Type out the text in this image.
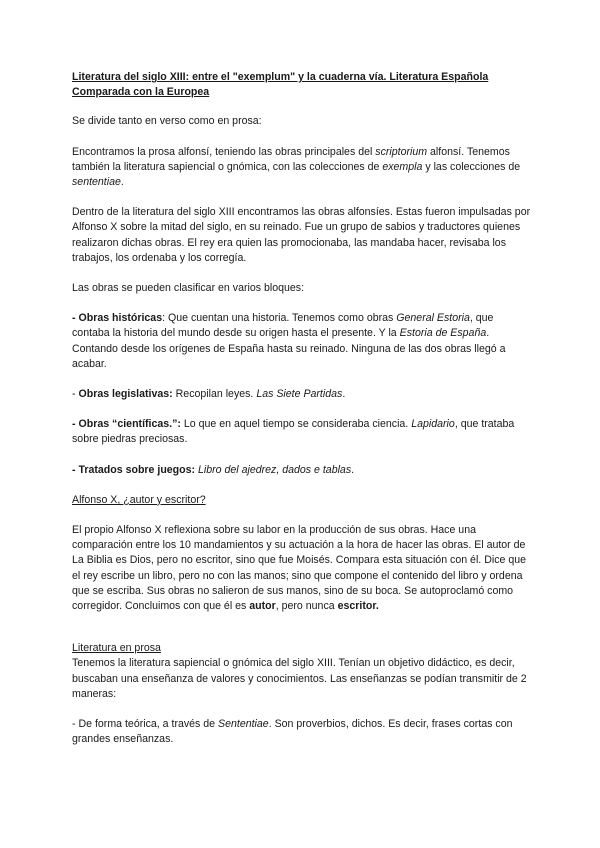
Literatura del siglo XIII: entre el "exemplum" y la cuaderna vía. Literatura Española Comparada con la Europea

Se divide tanto en verso como en prosa:

Encontramos la prosa alfonsí, teniendo las obras principales del scriptorium alfonsí. Tenemos también la literatura sapiencial o gnómica, con las colecciones de exempla y las colecciones de sententiae.

Dentro de la literatura del siglo XIII encontramos las obras alfonsíes. Estas fueron impulsadas por Alfonso X sobre la mitad del siglo, en su reinado. Fue un grupo de sabios y traductores quienes realizaron dichas obras. El rey era quien las promocionaba, las mandaba hacer, revisaba los trabajos, los ordenaba y los corregía.

Las obras se pueden clasificar en varios bloques:

- Obras históricas: Que cuentan una historia. Tenemos como obras General Estoria, que contaba la historia del mundo desde su origen hasta el presente. Y la Estoria de España. Contando desde los orígenes de España hasta su reinado. Ninguna de las dos obras llegó a acabar.

- Obras legislativas: Recopilan leyes. Las Siete Partidas.

- Obras “científicas.”: Lo que en aquel tiempo se consideraba ciencia. Lapidario, que trataba sobre piedras preciosas.

- Tratados sobre juegos: Libro del ajedrez, dados e tablas.

Alfonso X, ¿autor y escritor?

El propio Alfonso X reflexiona sobre su labor en la producción de sus obras. Hace una comparación entre los 10 mandamientos y su actuación a la hora de hacer las obras. El autor de La Biblia es Dios, pero no escritor, sino que fue Moisés. Compara esta situación con él. Dice que el rey escribe un libro, pero no con las manos; sino que compone el contenido del libro y ordena que se escriba. Sus obras no salieron de sus manos, sino de su boca. Se autoproclamó como corregidor. Concluimos con que él es autor, pero nunca escritor.

Literatura en prosa

Tenemos la literatura sapiencial o gnómica del siglo XIII. Tenían un objetivo didáctico, es decir, buscaban una enseñanza de valores y conocimientos. Las enseñanzas se podían transmitir de 2 maneras:

- De forma teórica, a través de Sententiae. Son proverbios, dichos. Es decir, frases cortas con grandes enseñanzas.
